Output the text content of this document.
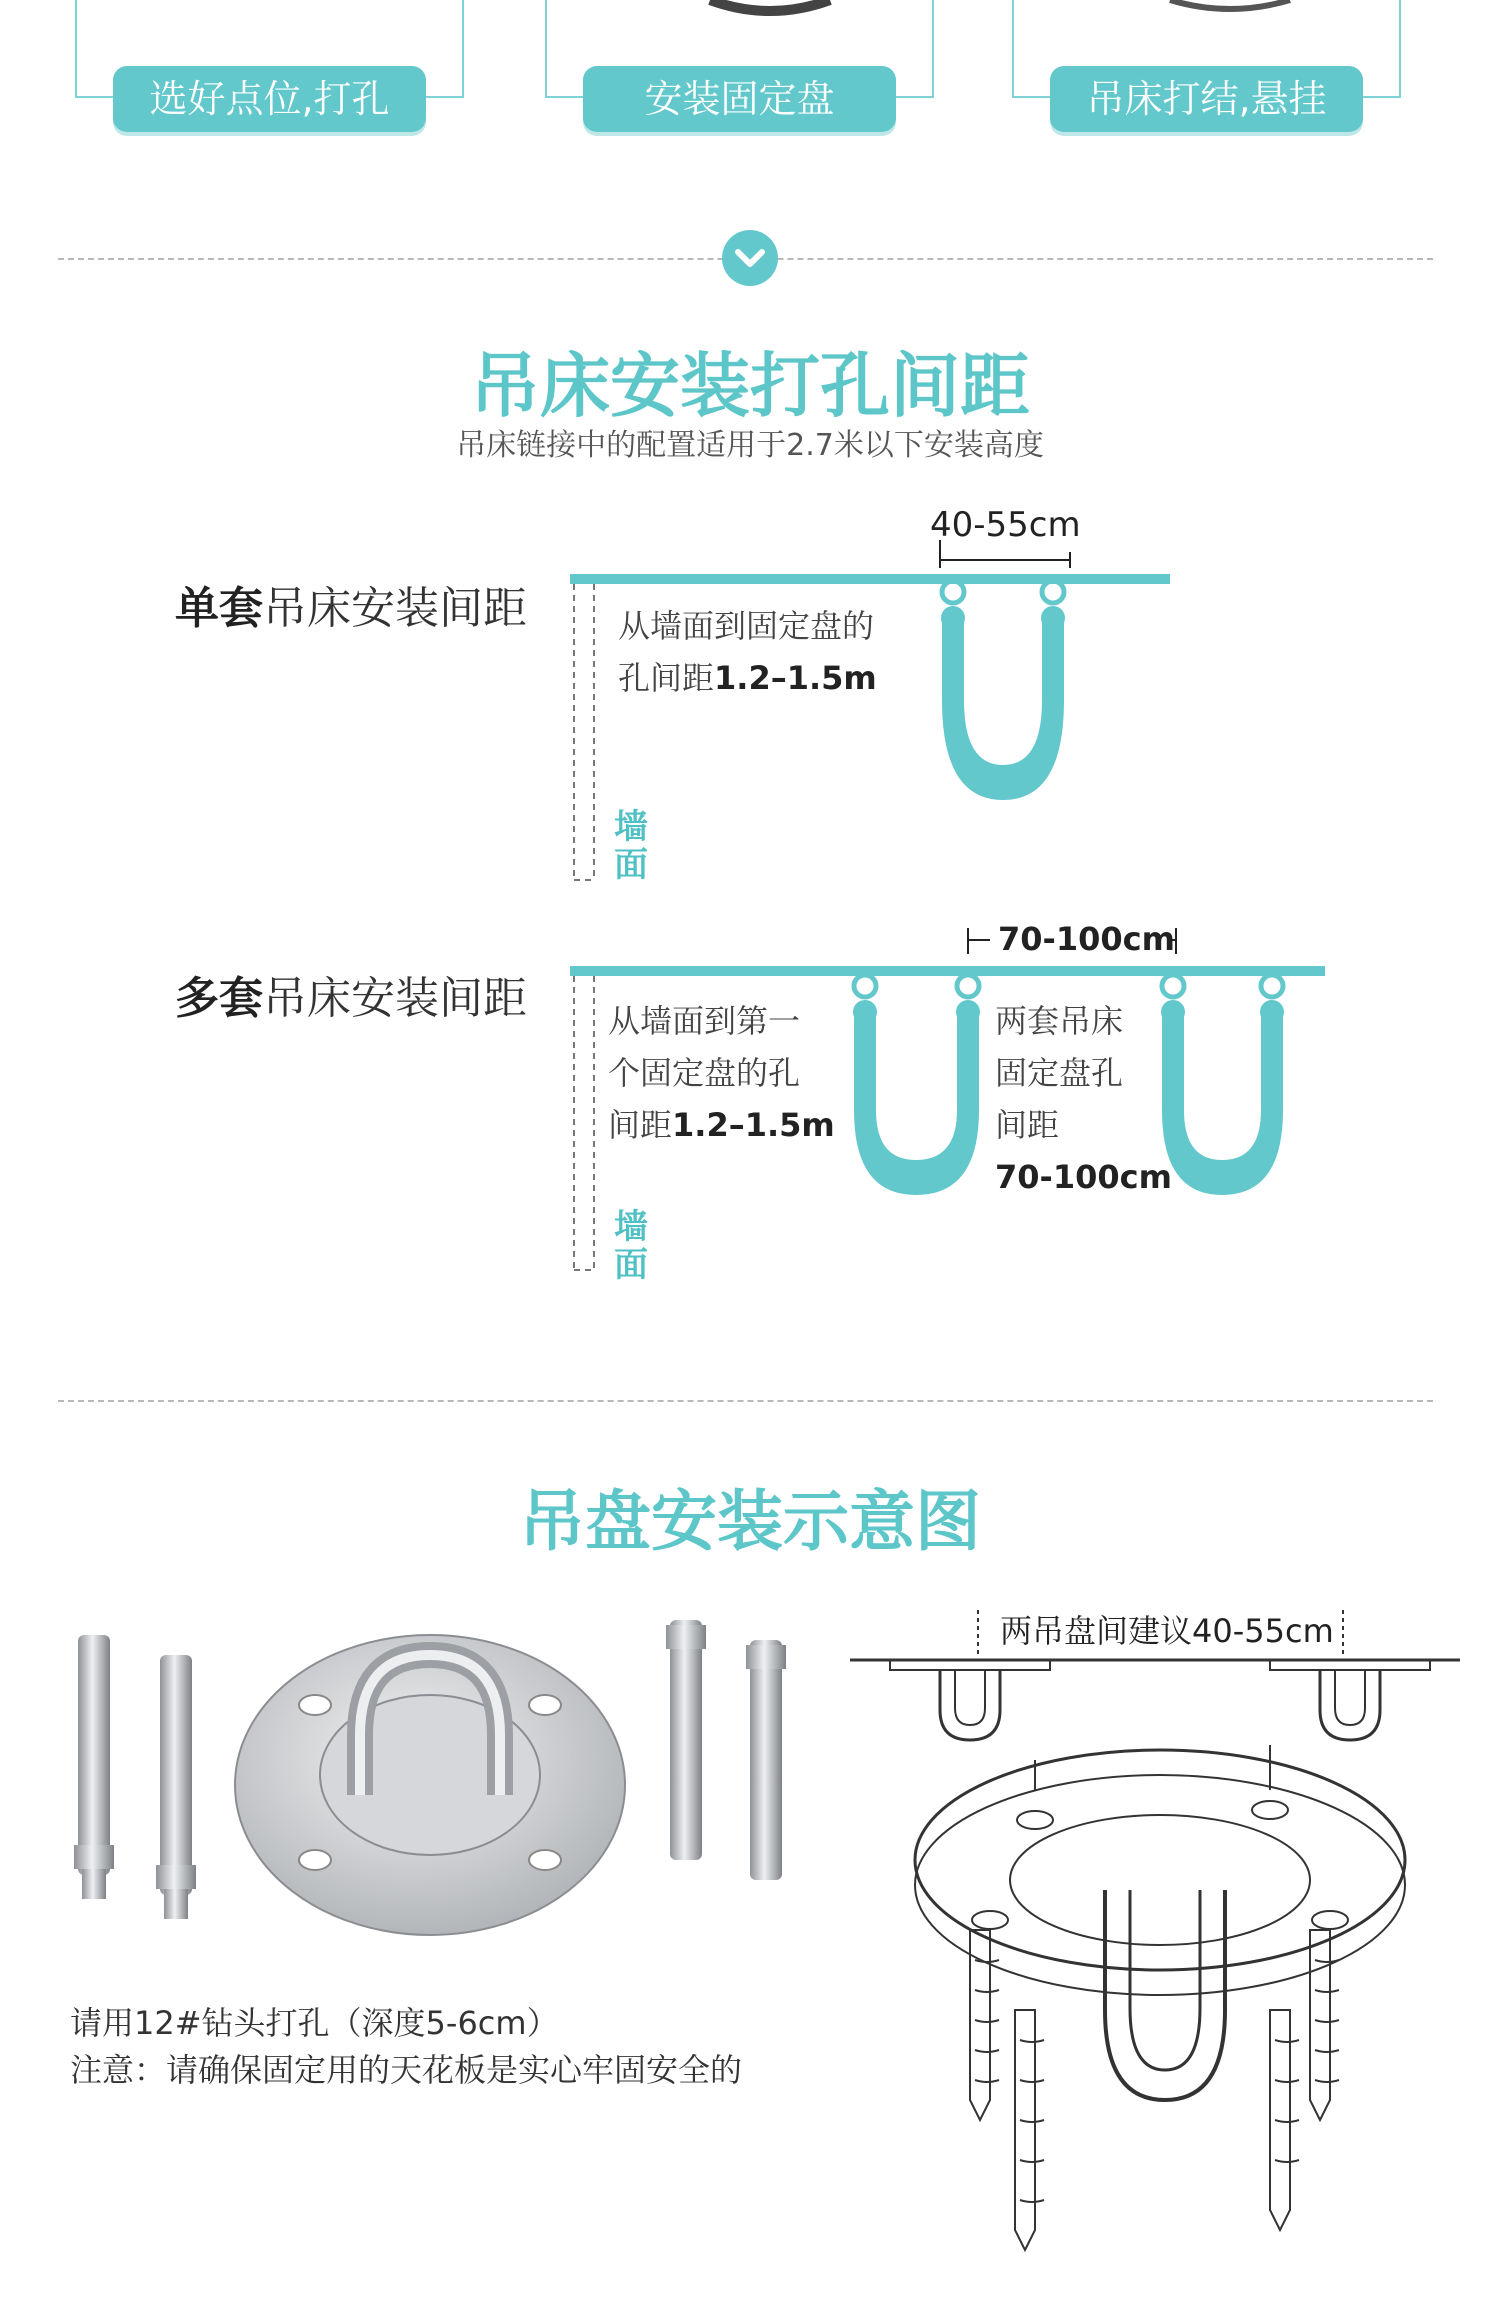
选好点位,打孔	安装固定盘	吊床打结,悬挂
吊床安装打孔间距
吊床链接中的配置适用于2.7米以下安装高度
单套吊床安装间距
40-55cm
从墙面到固定盘的
孔间距1.2–1.5m
墙面
多套吊床安装间距
70-100cm
从墙面到第一
个固定盘的孔
间距1.2–1.5m
两套吊床
固定盘孔
间距
70-100cm
墙面
吊盘安装示意图
请用12#钻头打孔（深度5-6cm）
注意：请确保固定用的天花板是实心牢固安全的
两吊盘间建议40-55cm
